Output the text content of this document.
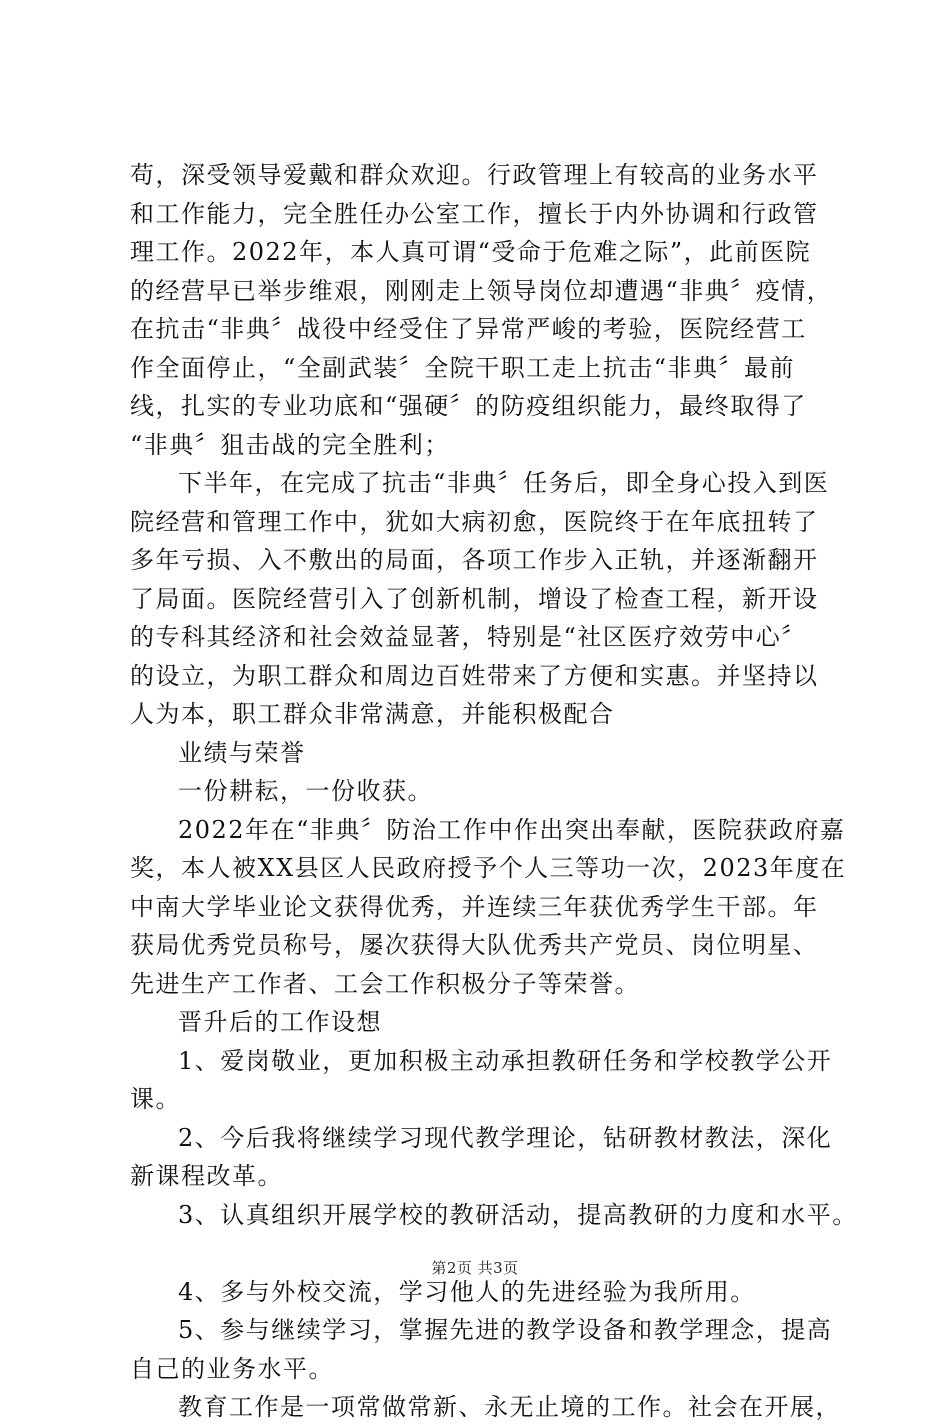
苟，深受领导爱戴和群众欢迎。行政管理上有较高的业务水平
和工作能力，完全胜任办公室工作，擅长于内外协调和行政管
理工作。2022年，本人真可谓“受命于危难之际”，此前医院
的经营早已举步维艰，刚刚走上领导岗位却遭遇“非典〞疫情，
在抗击“非典〞战役中经受住了异常严峻的考验，医院经营工
作全面停止，“全副武装〞全院干职工走上抗击“非典〞最前
线，扎实的专业功底和“强硬〞的防疫组织能力，最终取得了
“非典〞狙击战的完全胜利；
下半年，在完成了抗击“非典〞任务后，即全身心投入到医
院经营和管理工作中，犹如大病初愈，医院终于在年底扭转了
多年亏损、入不敷出的局面，各项工作步入正轨，并逐渐翻开
了局面。医院经营引入了创新机制，增设了检查工程，新开设
的专科其经济和社会效益显著，特别是“社区医疗效劳中心〞
的设立，为职工群众和周边百姓带来了方便和实惠。并坚持以
人为本，职工群众非常满意，并能积极配合
业绩与荣誉
一份耕耘，一份收获。
2022年在“非典〞防治工作中作出突出奉献，医院获政府嘉
奖，本人被XX县区人民政府授予个人三等功一次，2023年度在
中南大学毕业论文获得优秀，并连续三年获优秀学生干部。年
获局优秀党员称号，屡次获得大队优秀共产党员、岗位明星、
先进生产工作者、工会工作积极分子等荣誉。
晋升后的工作设想
1、爱岗敬业，更加积极主动承担教研任务和学校教学公开
课。
2、今后我将继续学习现代教学理论，钻研教材教法，深化
新课程改革。
3、认真组织开展学校的教研活动，提高教研的力度和水平。
4、多与外校交流，学习他人的先进经验为我所用。
5、参与继续学习，掌握先进的教学设备和教学理念，提高
自己的业务水平。
教育工作是一项常做常新、永无止境的工作。社会在开展，
第2页 共3页
